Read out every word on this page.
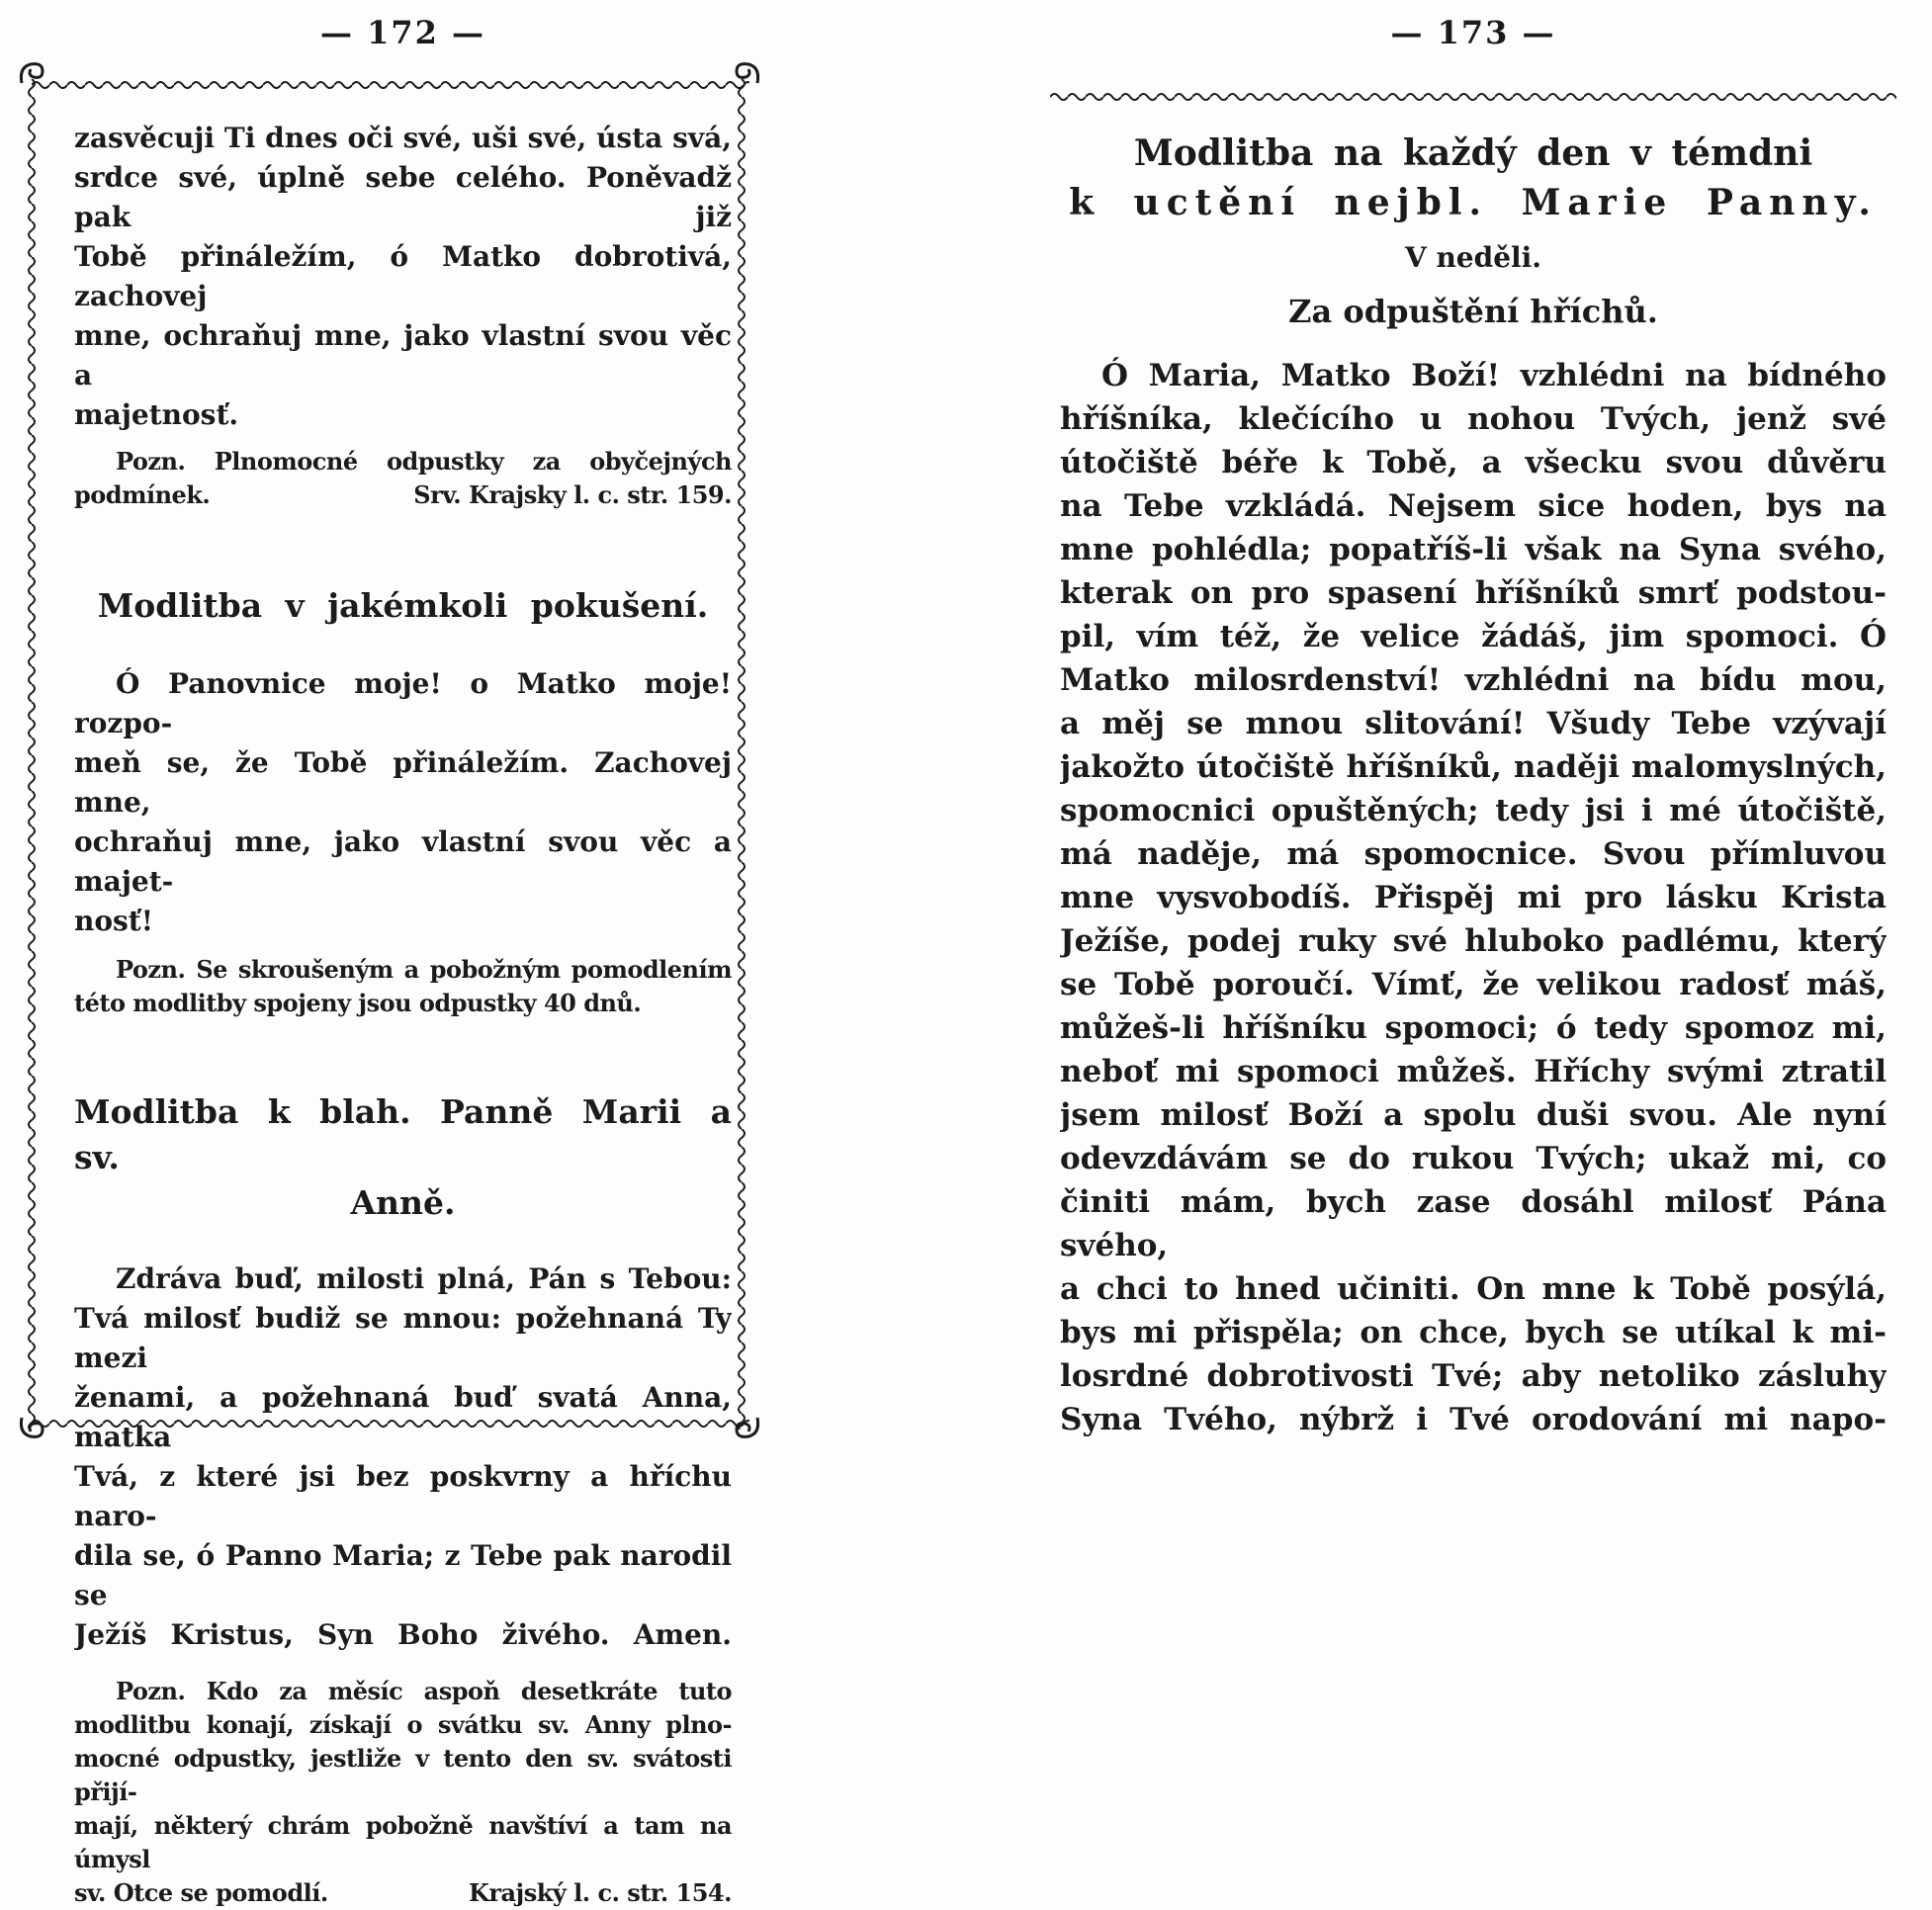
— 172 —	— 173 —
zasvěcuji Ti dnes oči své, uši své, ústa svá,
srdce své, úplně sebe celého. Poněvadž pak již
Tobě přináležím, ó Matko dobrotivá, zachovej
mne, ochraňuj mne, jako vlastní svou věc a
majetnosť.
Pozn. Plnomocné odpustky za obyčejných
podmínek.	Srv. Krajsky l. c. str. 159.
Modlitba v jakémkoli pokušení.
Ó Panovnice moje! o Matko moje! rozpo-
meň se, že Tobě přináležím. Zachovej mne,
ochraňuj mne, jako vlastní svou věc a majet-
nosť!
Pozn. Se skroušeným a pobožným pomodlením
této modlitby spojeny jsou odpustky 40 dnů.
Modlitba k blah. Panně Marii a sv.
Anně.
Zdráva buď, milosti plná, Pán s Tebou:
Tvá milosť budiž se mnou: požehnaná Ty mezi
ženami, a požehnaná buď svatá Anna, matka
Tvá, z které jsi bez poskvrny a hříchu naro-
dila se, ó Panno Maria; z Tebe pak narodil se
Ježíš Kristus, Syn Boho živého. Amen.
Pozn. Kdo za měsíc aspoň desetkráte tuto
modlitbu konají, získají o svátku sv. Anny plno-
mocné odpustky, jestliže v tento den sv. svátosti přijí-
mají, některý chrám pobožně navštíví a tam na úmysl
sv. Otce se pomodlí.	Krajský l. c. str. 154.
Modlitba na každý den v témdni
k uctění nejbl. Marie Panny.
V neděli.
Za odpuštění hříchů.
Ó Maria, Matko Boží! vzhlédni na bídného
hříšníka, klečícího u nohou Tvých, jenž své
útočiště béře k Tobě, a všecku svou důvěru
na Tebe vzkládá. Nejsem sice hoden, bys na
mne pohlédla; popatříš-li však na Syna svého,
kterak on pro spasení hříšníků smrť podstou-
pil, vím též, že velice žádáš, jim spomoci. Ó
Matko milosrdenství! vzhlédni na bídu mou,
a měj se mnou slitování! Všudy Tebe vzývají
jakožto útočiště hříšníků, naději malomyslných,
spomocnici opuštěných; tedy jsi i mé útočiště,
má naděje, má spomocnice. Svou přímluvou
mne vysvobodíš. Přispěj mi pro lásku Krista
Ježíše, podej ruky své hluboko padlému, který
se Tobě poroučí. Vímť, že velikou radosť máš,
můžeš-li hříšníku spomoci; ó tedy spomoz mi,
neboť mi spomoci můžeš. Hříchy svými ztratil
jsem milosť Boží a spolu duši svou. Ale nyní
odevzdávám se do rukou Tvých; ukaž mi, co
činiti mám, bych zase dosáhl milosť Pána svého,
a chci to hned učiniti. On mne k Tobě posýlá,
bys mi přispěla; on chce, bych se utíkal k mi-
losrdné dobrotivosti Tvé; aby netoliko zásluhy
Syna Tvého, nýbrž i Tvé orodování mi napo-
